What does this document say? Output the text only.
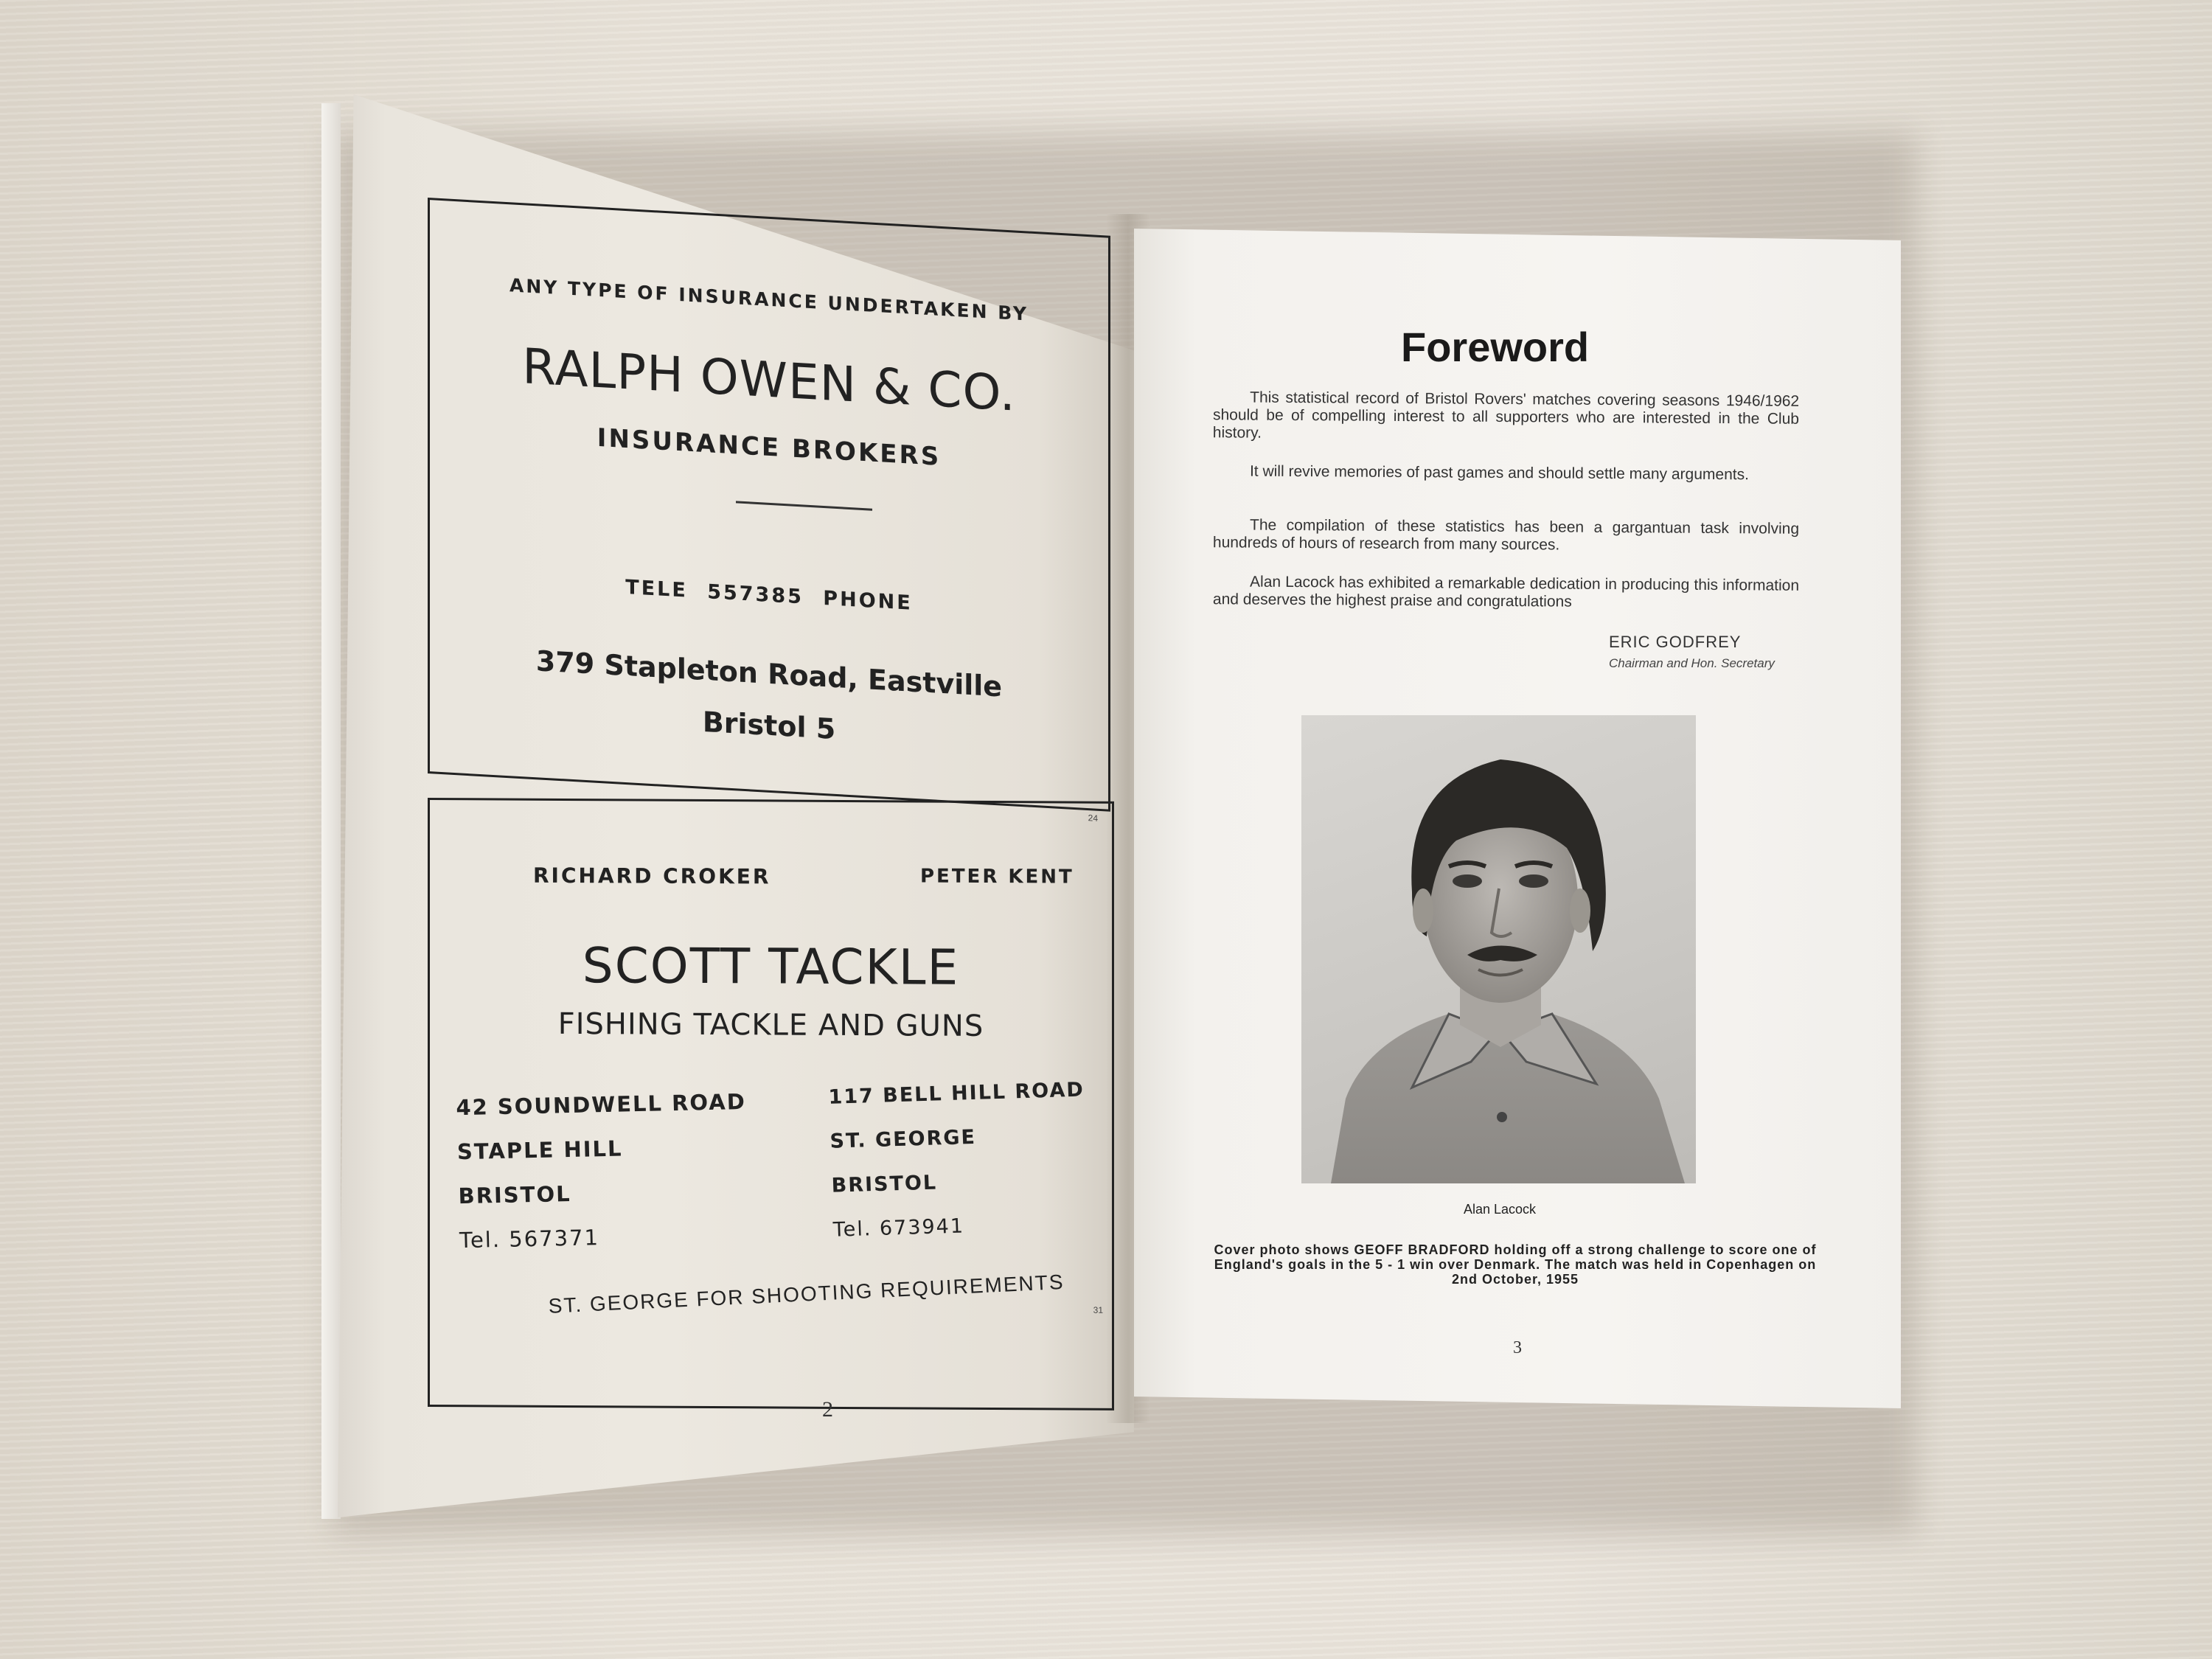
ANY TYPE OF INSURANCE UNDERTAKEN BY
RALPH OWEN & CO.
INSURANCE BROKERS
TELE 557385 PHONE
379 Stapleton Road, Eastville
Bristol 5
24
RICHARD CROKER	PETER KENT
SCOTT TACKLE
FISHING TACKLE AND GUNS
42 SOUNDWELL ROAD
STAPLE HILL
BRISTOL
Tel. 567371
117 BELL HILL ROAD
ST. GEORGE
BRISTOL
Tel. 673941
ST. GEORGE FOR SHOOTING REQUIREMENTS	31
2
Foreword
This statistical record of Bristol Rovers' matches covering seasons 1946/1962 should be of compelling interest to all supporters who are interested in the Club history.
It will revive memories of past games and should settle many arguments.
The compilation of these statistics has been a gargantuan task involving hundreds of hours of research from many sources.
Alan Lacock has exhibited a remarkable dedication in producing this information and deserves the highest praise and congratulations
ERIC GODFREY
Chairman and Hon. Secretary
Alan Lacock
Cover photo shows GEOFF BRADFORD holding off a strong challenge to score one of England's goals in the 5 - 1 win over Denmark. The match was held in Copenhagen on 2nd October, 1955
3
